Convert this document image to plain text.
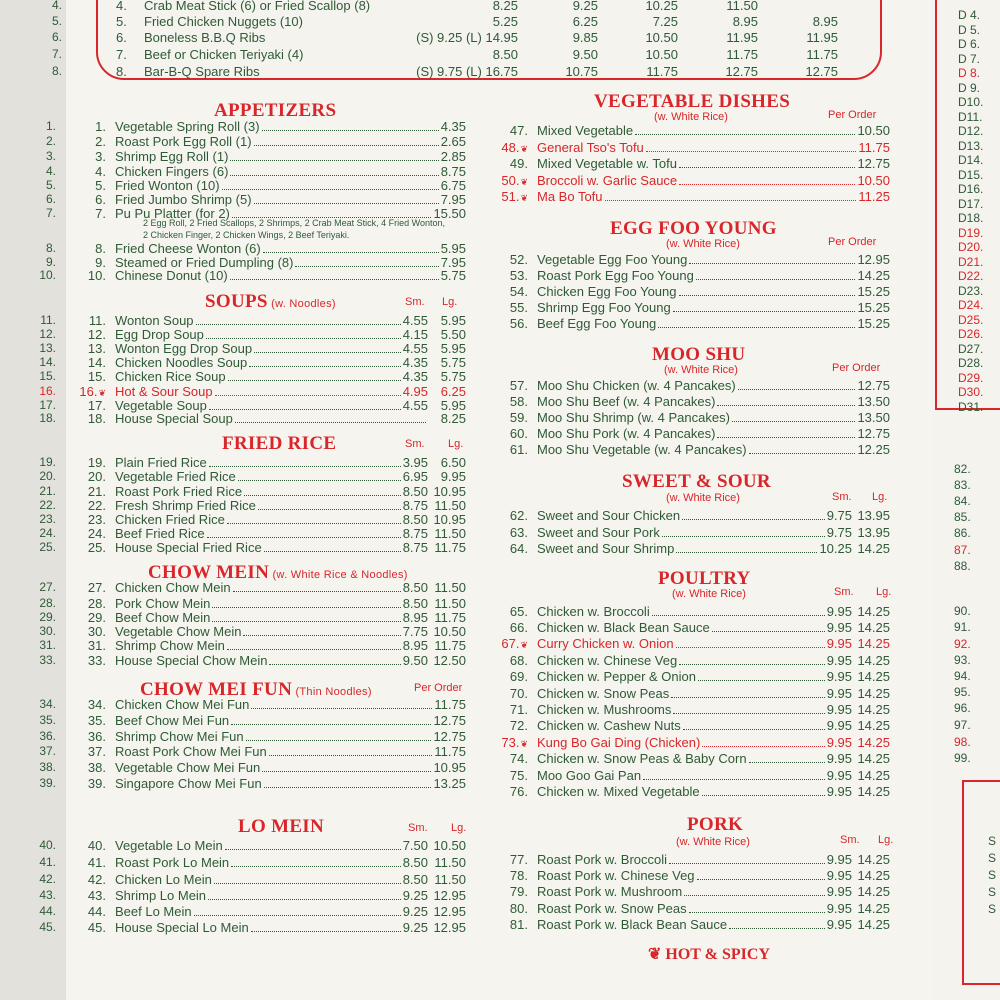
4. Crab Meat Stick (6) or Fried Scallop (8)	8.25	9.25	10.25	11.50
5. Fried Chicken Nuggets (10)	5.25	6.25	7.25	8.95	8.95
6. Boneless B.B.Q Ribs	(S) 9.25 (L) 14.95	9.85	10.50	11.95	11.95
7. Beef or Chicken Teriyaki (4)	8.50	9.50	10.50	11.75	11.75
8. Bar-B-Q Spare Ribs	(S) 9.75 (L) 16.75	10.75	11.75	12.75	12.75
4.
5.
6.
7.
8.
APPETIZERS
1. Vegetable Spring Roll (3)	4.35
2. Roast Pork Egg Roll (1)	2.65
3. Shrimp Egg Roll (1)	2.85
4. Chicken Fingers (6)	8.75
5. Fried Wonton (10)	6.75
6. Fried Jumbo Shrimp (5)	7.95
7. Pu Pu Platter (for 2)	15.50
8. Fried Cheese Wonton (6)	5.95
9. Steamed or Fried Dumpling (8)	7.95
10. Chinese Donut (10)	5.75
2 Egg Roll, 2 Fried Scallops, 2 Shrimps, 2 Crab Meat Stick, 4 Fried Wonton,
2 Chicken Finger, 2 Chicken Wings, 2 Beef Teriyaki.
SOUPS (w. Noodles)	Sm. Lg.
11. Wonton Soup	4.55 5.95
12. Egg Drop Soup	4.15 5.50
13. Wonton Egg Drop Soup	4.55 5.95
14. Chicken Noodles Soup	4.35 5.75
15. Chicken Rice Soup	4.35 5.75
16.❦ Hot & Sour Soup	4.95 6.25
17. Vegetable Soup	4.55 5.95
18. House Special Soup	8.25
FRIED RICE	Sm. Lg.
19. Plain Fried Rice	3.95 6.50
20. Vegetable Fried Rice	6.95 9.95
21. Roast Pork Fried Rice	8.50 10.95
22. Fresh Shrimp Fried Rice	8.75 11.50
23. Chicken Fried Rice	8.50 10.95
24. Beef Fried Rice	8.75 11.50
25. House Special Fried Rice	8.75 11.75
CHOW MEIN (w. White Rice & Noodles)
27. Chicken Chow Mein	8.50 11.50
28. Pork Chow Mein	8.50 11.50
29. Beef Chow Mein	8.95 11.75
30. Vegetable Chow Mein	7.75 10.50
31. Shrimp Chow Mein	8.95 11.75
33. House Special Chow Mein	9.50 12.50
CHOW MEI FUN (Thin Noodles)	Per Order
34. Chicken Chow Mei Fun	11.75
35. Beef Chow Mei Fun	12.75
36. Shrimp Chow Mei Fun	12.75
37. Roast Pork Chow Mei Fun	11.75
38. Vegetable Chow Mei Fun	10.95
39. Singapore Chow Mei Fun	13.25
LO MEIN	Sm. Lg.
40. Vegetable Lo Mein	7.50 10.50
41. Roast Pork Lo Mein	8.50 11.50
42. Chicken Lo Mein	8.50 11.50
43. Shrimp Lo Mein	9.25 12.95
44. Beef Lo Mein	9.25 12.95
45. House Special Lo Mein	9.25 12.95
1.
2.
3.
4.
5.
6.
7.
8.
9.
10.
11.
12.
13.
14.
15.
16.
17.
18.
19.
20.
21.
22.
23.
24.
25.
27.
28.
29.
30.
31.
33.
34.
35.
36.
37.
38.
39.
40.
41.
42.
43.
44.
45.
VEGETABLE DISHES
(w. White Rice)	Per Order
47. Mixed Vegetable	10.50
48.❦ General Tso's Tofu	11.75
49. Mixed Vegetable w. Tofu	12.75
50.❦ Broccoli w. Garlic Sauce	10.50
51.❦ Ma Bo Tofu	11.25
EGG FOO YOUNG
(w. White Rice)	Per Order
52. Vegetable Egg Foo Young	12.95
53. Roast Pork Egg Foo Young	14.25
54. Chicken Egg Foo Young	15.25
55. Shrimp Egg Foo Young	15.25
56. Beef Egg Foo Young	15.25
MOO SHU
(w. White Rice)	Per Order
57. Moo Shu Chicken (w. 4 Pancakes)	12.75
58. Moo Shu Beef (w. 4 Pancakes)	13.50
59. Moo Shu Shrimp (w. 4 Pancakes)	13.50
60. Moo Shu Pork (w. 4 Pancakes)	12.75
61. Moo Shu Vegetable (w. 4 Pancakes)	12.25
SWEET & SOUR
(w. White Rice)	Sm. Lg.
62. Sweet and Sour Chicken	9.75 13.95
63. Sweet and Sour Pork	9.75 13.95
64. Sweet and Sour Shrimp	10.25 14.25
POULTRY
(w. White Rice)	Sm. Lg.
65. Chicken w. Broccoli	9.95 14.25
66. Chicken w. Black Bean Sauce	9.95 14.25
67.❦ Curry Chicken w. Onion	9.95 14.25
68. Chicken w. Chinese Veg	9.95 14.25
69. Chicken w. Pepper & Onion	9.95 14.25
70. Chicken w. Snow Peas	9.95 14.25
71. Chicken w. Mushrooms	9.95 14.25
72. Chicken w. Cashew Nuts	9.95 14.25
73.❦ Kung Bo Gai Ding (Chicken)	9.95 14.25
74. Chicken w. Snow Peas & Baby Corn	9.95 14.25
75. Moo Goo Gai Pan	9.95 14.25
76. Chicken w. Mixed Vegetable	9.95 14.25
PORK
(w. White Rice)	Sm. Lg.
77. Roast Pork w. Broccoli	9.95 14.25
78. Roast Pork w. Chinese Veg	9.95 14.25
79. Roast Pork w. Mushroom	9.95 14.25
80. Roast Pork w. Snow Peas	9.95 14.25
81. Roast Pork w. Black Bean Sauce	9.95 14.25
❦ HOT & SPICY
D 4.
D 5.
D 6.
D 7.
D 8.
D 9.
D10.
D11.
D12.
D13.
D14.
D15.
D16.
D17.
D18.
D19.
D20.
D21.
D22.
D23.
D24.
D25.
D26.
D27.
D28.
D29.
D30.
D31.
82.
83.
84.
85.
86.
87.
88.
90.
91.
92.
93.
94.
95.
96.
97.
98.
99.
S
S
S
S
S
